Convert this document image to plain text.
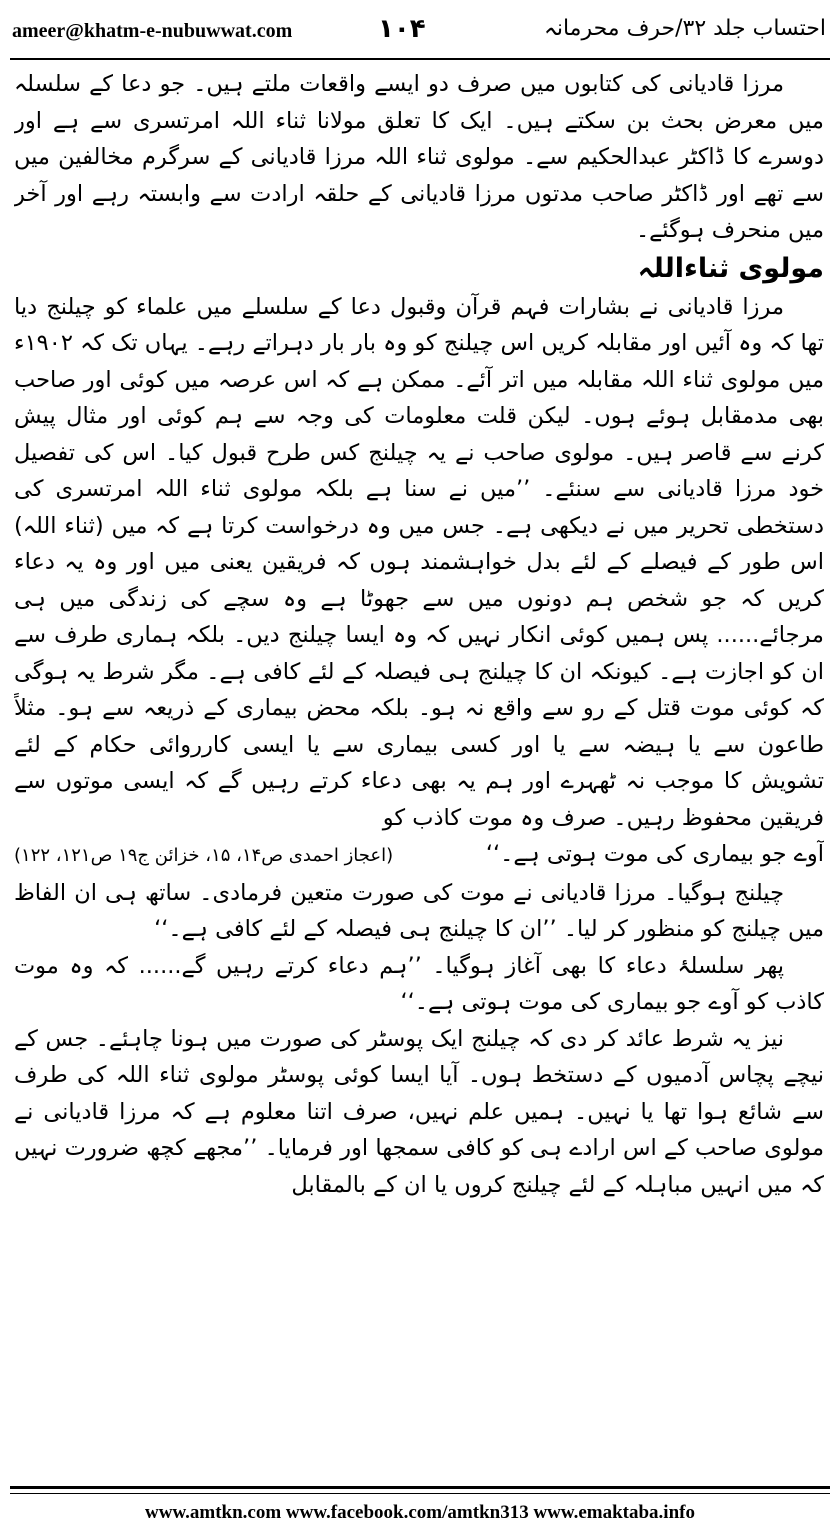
ameer@khatm-e-nubuwwat.com	۱۰۴	احتساب جلد ۳۲/حرف محرمانہ

مرزا قادیانی کی کتابوں میں صرف دو ایسے واقعات ملتے ہیں۔ جو دعا کے سلسلہ میں معرض بحث بن سکتے ہیں۔ ایک کا تعلق مولانا ثناء اللہ امرتسری سے ہے اور دوسرے کا ڈاکٹر عبدالحکیم سے۔ مولوی ثناء اللہ مرزا قادیانی کے سرگرم مخالفین میں سے تھے اور ڈاکٹر صاحب مدتوں مرزا قادیانی کے حلقہ ارادت سے وابستہ رہے اور آخر میں منحرف ہوگئے۔

مولوی ثناءاللہ

مرزا قادیانی نے بشارات فہم قرآن وقبول دعا کے سلسلے میں علماء کو چیلنج دیا تھا کہ وہ آئیں اور مقابلہ کریں اس چیلنج کو وہ بار بار دہراتے رہے۔ یہاں تک کہ ۱۹۰۲ء میں مولوی ثناء اللہ مقابلہ میں اتر آئے۔ ممکن ہے کہ اس عرصہ میں کوئی اور صاحب بھی مدمقابل ہوئے ہوں۔ لیکن قلت معلومات کی وجہ سے ہم کوئی اور مثال پیش کرنے سے قاصر ہیں۔ مولوی صاحب نے یہ چیلنج کس طرح قبول کیا۔ اس کی تفصیل خود مرزا قادیانی سے سنئے۔ ’’میں نے سنا ہے بلکہ مولوی ثناء اللہ امرتسری کی دستخطی تحریر میں نے دیکھی ہے۔ جس میں وہ درخواست کرتا ہے کہ میں (ثناء اللہ) اس طور کے فیصلے کے لئے بدل خواہشمند ہوں کہ فریقین یعنی میں اور وہ یہ دعاء کریں کہ جو شخص ہم دونوں میں سے جھوٹا ہے وہ سچے کی زندگی میں ہی مرجائے...... پس ہمیں کوئی انکار نہیں کہ وہ ایسا چیلنج دیں۔ بلکہ ہماری طرف سے ان کو اجازت ہے۔ کیونکہ ان کا چیلنج ہی فیصلہ کے لئے کافی ہے۔ مگر شرط یہ ہوگی کہ کوئی موت قتل کے رو سے واقع نہ ہو۔ بلکہ محض بیماری کے ذریعہ سے ہو۔ مثلاً طاعون سے یا ہیضہ سے یا اور کسی بیماری سے یا ایسی کارروائی حکام کے لئے تشویش کا موجب نہ ٹھہرے اور ہم یہ بھی دعاء کرتے رہیں گے کہ ایسی موتوں سے فریقین محفوظ رہیں۔ صرف وہ موت کاذب کو

آوے جو بیماری کی موت ہوتی ہے۔‘‘
(اعجاز احمدی ص۱۴، ۱۵، خزائن ج۱۹ ص۱۲۱، ۱۲۲)

چیلنج ہوگیا۔ مرزا قادیانی نے موت کی صورت متعین فرمادی۔ ساتھ ہی ان الفاظ میں چیلنج کو منظور کر لیا۔ ’’ان کا چیلنج ہی فیصلہ کے لئے کافی ہے۔‘‘

پھر سلسلۂ دعاء کا بھی آغاز ہوگیا۔ ’’ہم دعاء کرتے رہیں گے...... کہ وہ موت کاذب کو آوے جو بیماری کی موت ہوتی ہے۔‘‘

نیز یہ شرط عائد کر دی کہ چیلنج ایک پوسٹر کی صورت میں ہونا چاہئے۔ جس کے نیچے پچاس آدمیوں کے دستخط ہوں۔ آیا ایسا کوئی پوسٹر مولوی ثناء اللہ کی طرف سے شائع ہوا تھا یا نہیں۔ ہمیں علم نہیں، صرف اتنا معلوم ہے کہ مرزا قادیانی نے مولوی صاحب کے اس ارادے ہی کو کافی سمجھا اور فرمایا۔ ’’مجھے کچھ ضرورت نہیں کہ میں انہیں مباہلہ کے لئے چیلنج کروں یا ان کے بالمقابل

www.amtkn.com www.facebook.com/amtkn313 www.emaktaba.info
